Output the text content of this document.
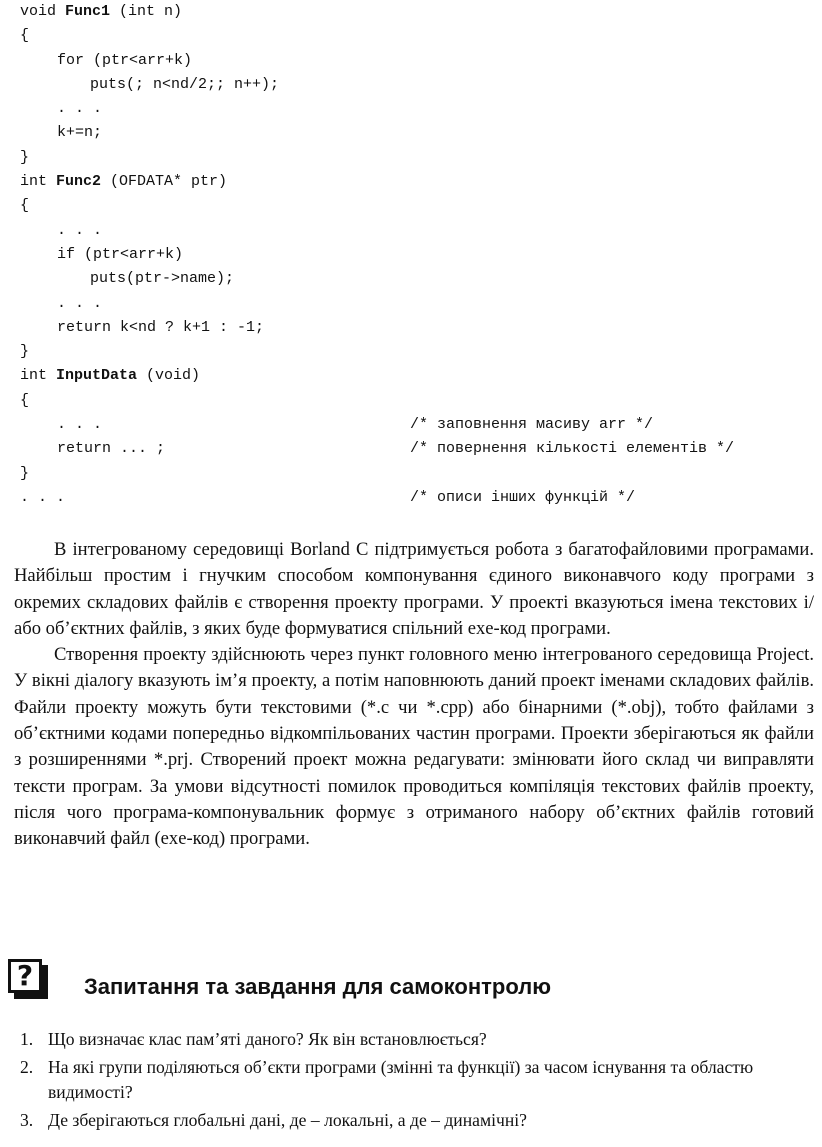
void Func1 (int n)
{
for (ptr<arr+k)
puts(; n<nd/2;; n++);
. . .
k+=n;
}
int Func2 (OFDATA* ptr)
{
. . .
if (ptr<arr+k)
puts(ptr->name);
. . .
return k<nd ? k+1 : -1;
}
int InputData (void)
{
. . .	/* заповнення масиву arr */
return ... ;	/* повернення кількості елементів */
}
. . .	/* описи інших функцій */

В інтегрованому середовищі Borland C підтримується робота з багатофайловими програмами. Найбільш простим і гнучким способом компонування єдиного виконавчого коду програми з окремих складових файлів є створення проекту програми. У проекті вказуються імена текстових і/або об’єктних файлів, з яких буде формуватися спільний exe-код програми.

Створення проекту здійснюють через пункт головного меню інтегрованого середовища Project. У вікні діалогу вказують ім’я проекту, а потім наповнюють даний проект іменами складових файлів. Файли проекту можуть бути текстовими (*.c чи *.cpp) або бінарними (*.obj), тобто файлами з об’єктними кодами попередньо відкомпільованих частин програми. Проекти зберігаються як файли з розширеннями *.prj. Створений проект можна редагувати: змінювати його склад чи виправляти тексти програм. За умови відсутності помилок проводиться компіляція текстових файлів проекту, після чого програма-компонувальник формує з отриманого набору об’єктних файлів готовий виконавчий файл (exe-код) програми.

?	Запитання та завдання для самоконтролю
1. Що визначає клас пам’яті даного? Як він встановлюється?
2. На які групи поділяються об’єкти програми (змінні та функції) за часом існування та областю видимості?
3. Де зберігаються глобальні дані, де – локальні, а де – динамічні?
